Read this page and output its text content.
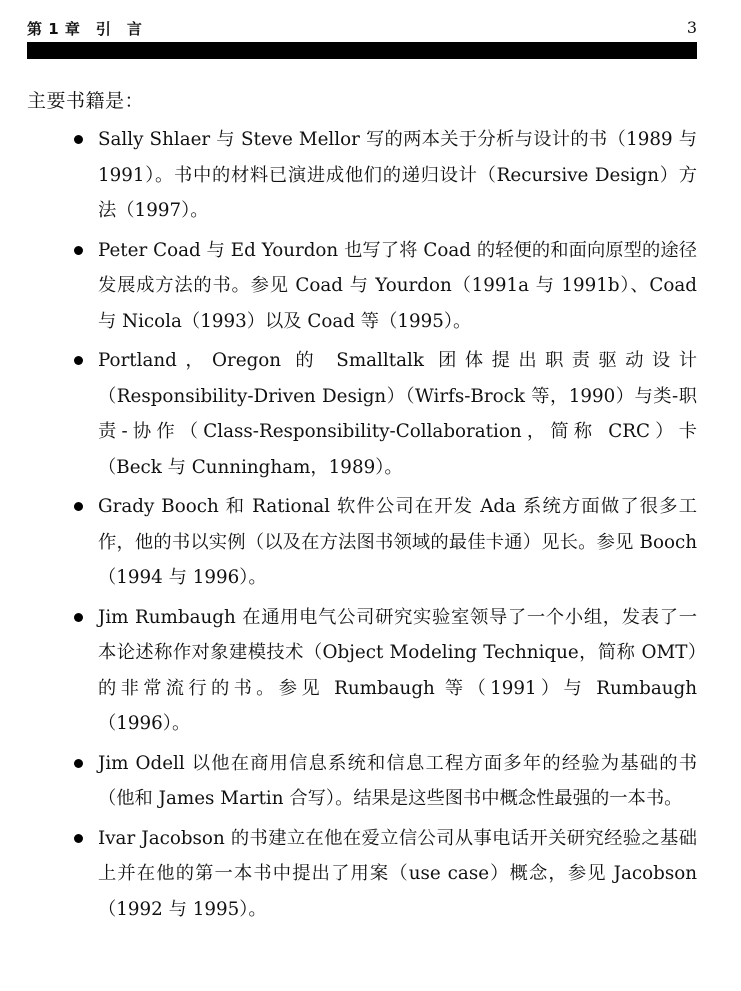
第 1 章　引　言	3

主要书籍是：

Sally Shlaer 与 Steve Mellor 写的两本关于分析与设计的书（1989 与 1991）。书中的材料已演进成他们的递归设计（Recursive Design）方法（1997）。
Peter Coad 与 Ed Yourdon 也写了将 Coad 的轻便的和面向原型的途径发展成方法的书。参见 Coad 与 Yourdon（1991a 与 1991b）、Coad 与 Nicola（1993）以及 Coad 等（1995）。
Portland，Oregon 的 Smalltalk 团体提出职责驱动设计（Responsibility-Driven Design）（Wirfs-Brock 等，1990）与类-职责-协作（Class-Responsibility-Collaboration，简称 CRC）卡（Beck 与 Cunningham，1989）。
Grady Booch 和 Rational 软件公司在开发 Ada 系统方面做了很多工作，他的书以实例（以及在方法图书领域的最佳卡通）见长。参见 Booch（1994 与 1996）。
Jim Rumbaugh 在通用电气公司研究实验室领导了一个小组，发表了一本论述称作对象建模技术（Object Modeling Technique，简称 OMT）的非常流行的书。参见 Rumbaugh 等（1991）与 Rumbaugh（1996）。
Jim Odell 以他在商用信息系统和信息工程方面多年的经验为基础的书（他和 James Martin 合写）。结果是这些图书中概念性最强的一本书。
Ivar Jacobson 的书建立在他在爱立信公司从事电话开关研究经验之基础上并在他的第一本书中提出了用案（use case）概念，参见 Jacobson（1992 与 1995）。
